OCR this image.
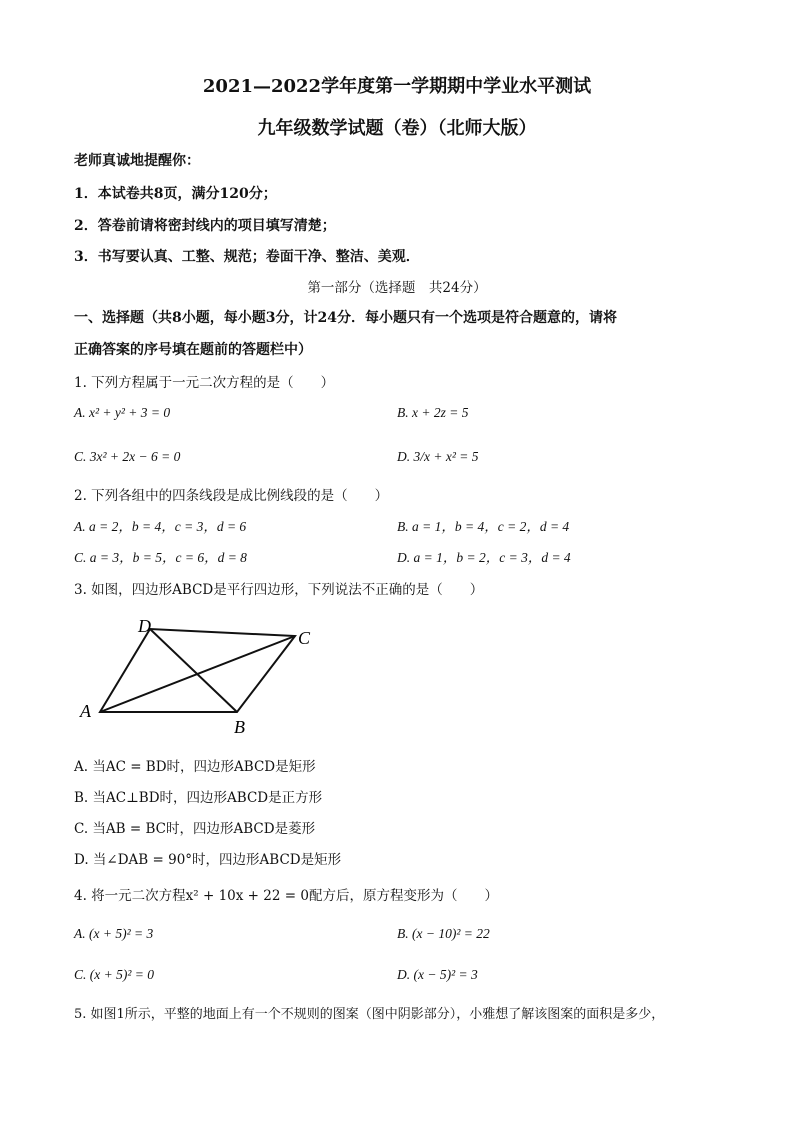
2021—2022学年度第一学期期中学业水平测试
九年级数学试题（卷）（北师大版）
老师真诚地提醒你：
1．本试卷共8页，满分120分；
2．答卷前请将密封线内的项目填写清楚；
3．书写要认真、工整、规范；卷面干净、整洁、美观．
第一部分（选择题　共24分）
一、选择题（共8小题，每小题3分，计24分．每小题只有一个选项是符合题意的，请将
正确答案的序号填在题前的答题栏中）
1. 下列方程属于一元二次方程的是（　　）
A. x² + y² + 3 = 0	B. x + 2z = 5
C. 3x² + 2x − 6 = 0	D. 3/x + x² = 5
2. 下列各组中的四条线段是成比例线段的是（　　）
A. a = 2，b = 4，c = 3，d = 6	B. a = 1，b = 4，c = 2，d = 4
C. a = 3，b = 5，c = 6，d = 8	D. a = 1，b = 2，c = 3，d = 4
3. 如图，四边形ABCD是平行四边形，下列说法不正确的是（　　）
D
C
A
B
A. 当AC = BD时，四边形ABCD是矩形
B. 当AC⊥BD时，四边形ABCD是正方形
C. 当AB = BC时，四边形ABCD是菱形
D. 当∠DAB = 90°时，四边形ABCD是矩形
4. 将一元二次方程x² + 10x + 22 = 0配方后，原方程变形为（　　）
A. (x + 5)² = 3	B. (x − 10)² = 22
C. (x + 5)² = 0	D. (x − 5)² = 3
5. 如图1所示，平整的地面上有一个不规则的图案（图中阴影部分），小雅想了解该图案的面积是多少，
